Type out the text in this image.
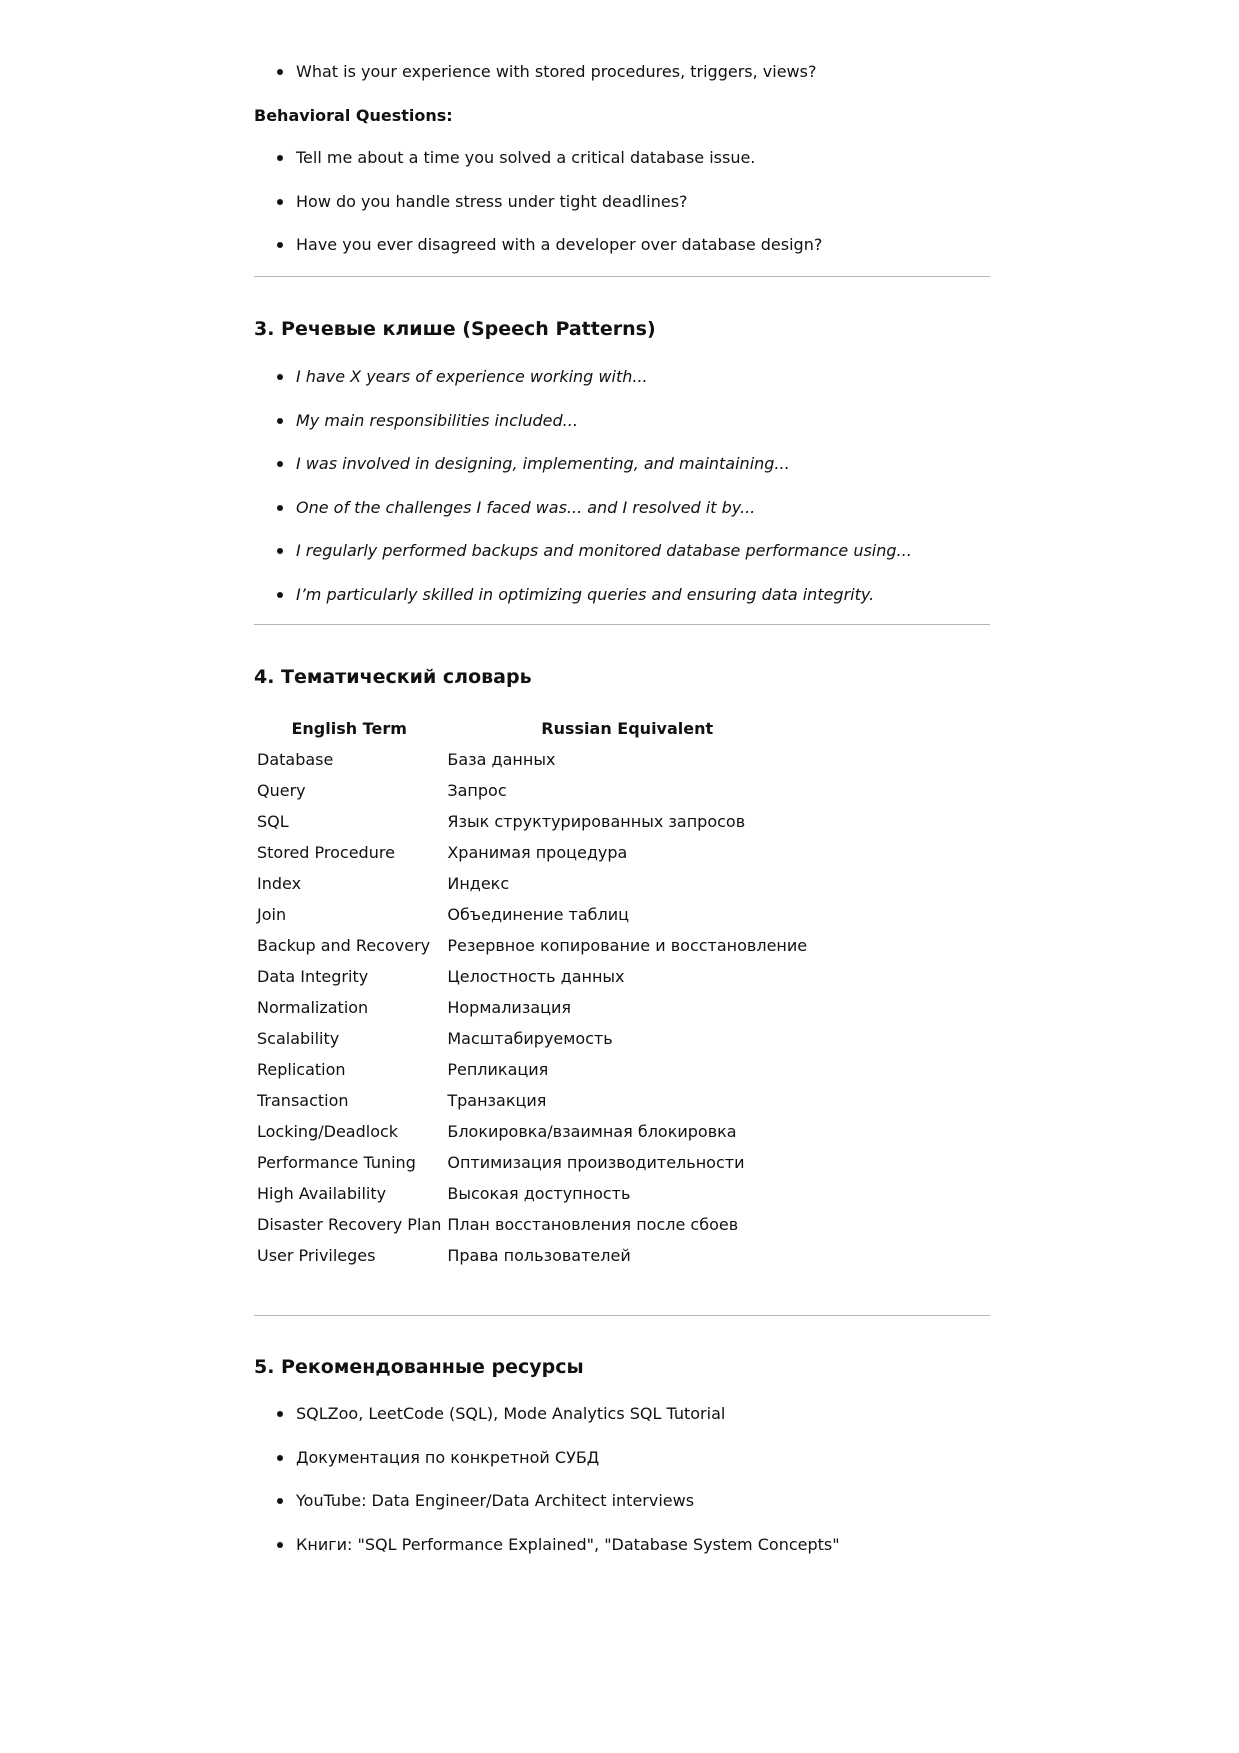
What is your experience with stored procedures, triggers, views?

Behavioral Questions:

Tell me about a time you solved a critical database issue.
How do you handle stress under tight deadlines?
Have you ever disagreed with a developer over database design?
3. Речевые клише (Speech Patterns)
I have X years of experience working with...
My main responsibilities included...
I was involved in designing, implementing, and maintaining...
One of the challenges I faced was... and I resolved it by...
I regularly performed backups and monitored database performance using...
I’m particularly skilled in optimizing queries and ensuring data integrity.
4. Тематический словарь
English Term	Russian Equivalent
Database	База данных
Query	Запрос
SQL	Язык структурированных запросов
Stored Procedure	Хранимая процедура
Index	Индекс
Join	Объединение таблиц
Backup and Recovery	Резервное копирование и восстановление
Data Integrity	Целостность данных
Normalization	Нормализация
Scalability	Масштабируемость
Replication	Репликация
Transaction	Транзакция
Locking/Deadlock	Блокировка/взаимная блокировка
Performance Tuning	Оптимизация производительности
High Availability	Высокая доступность
Disaster Recovery Plan	План восстановления после сбоев
User Privileges	Права пользователей
5. Рекомендованные ресурсы
SQLZoo, LeetCode (SQL), Mode Analytics SQL Tutorial
Документация по конкретной СУБД
YouTube: Data Engineer/Data Architect interviews
Книги: "SQL Performance Explained", "Database System Concepts"
